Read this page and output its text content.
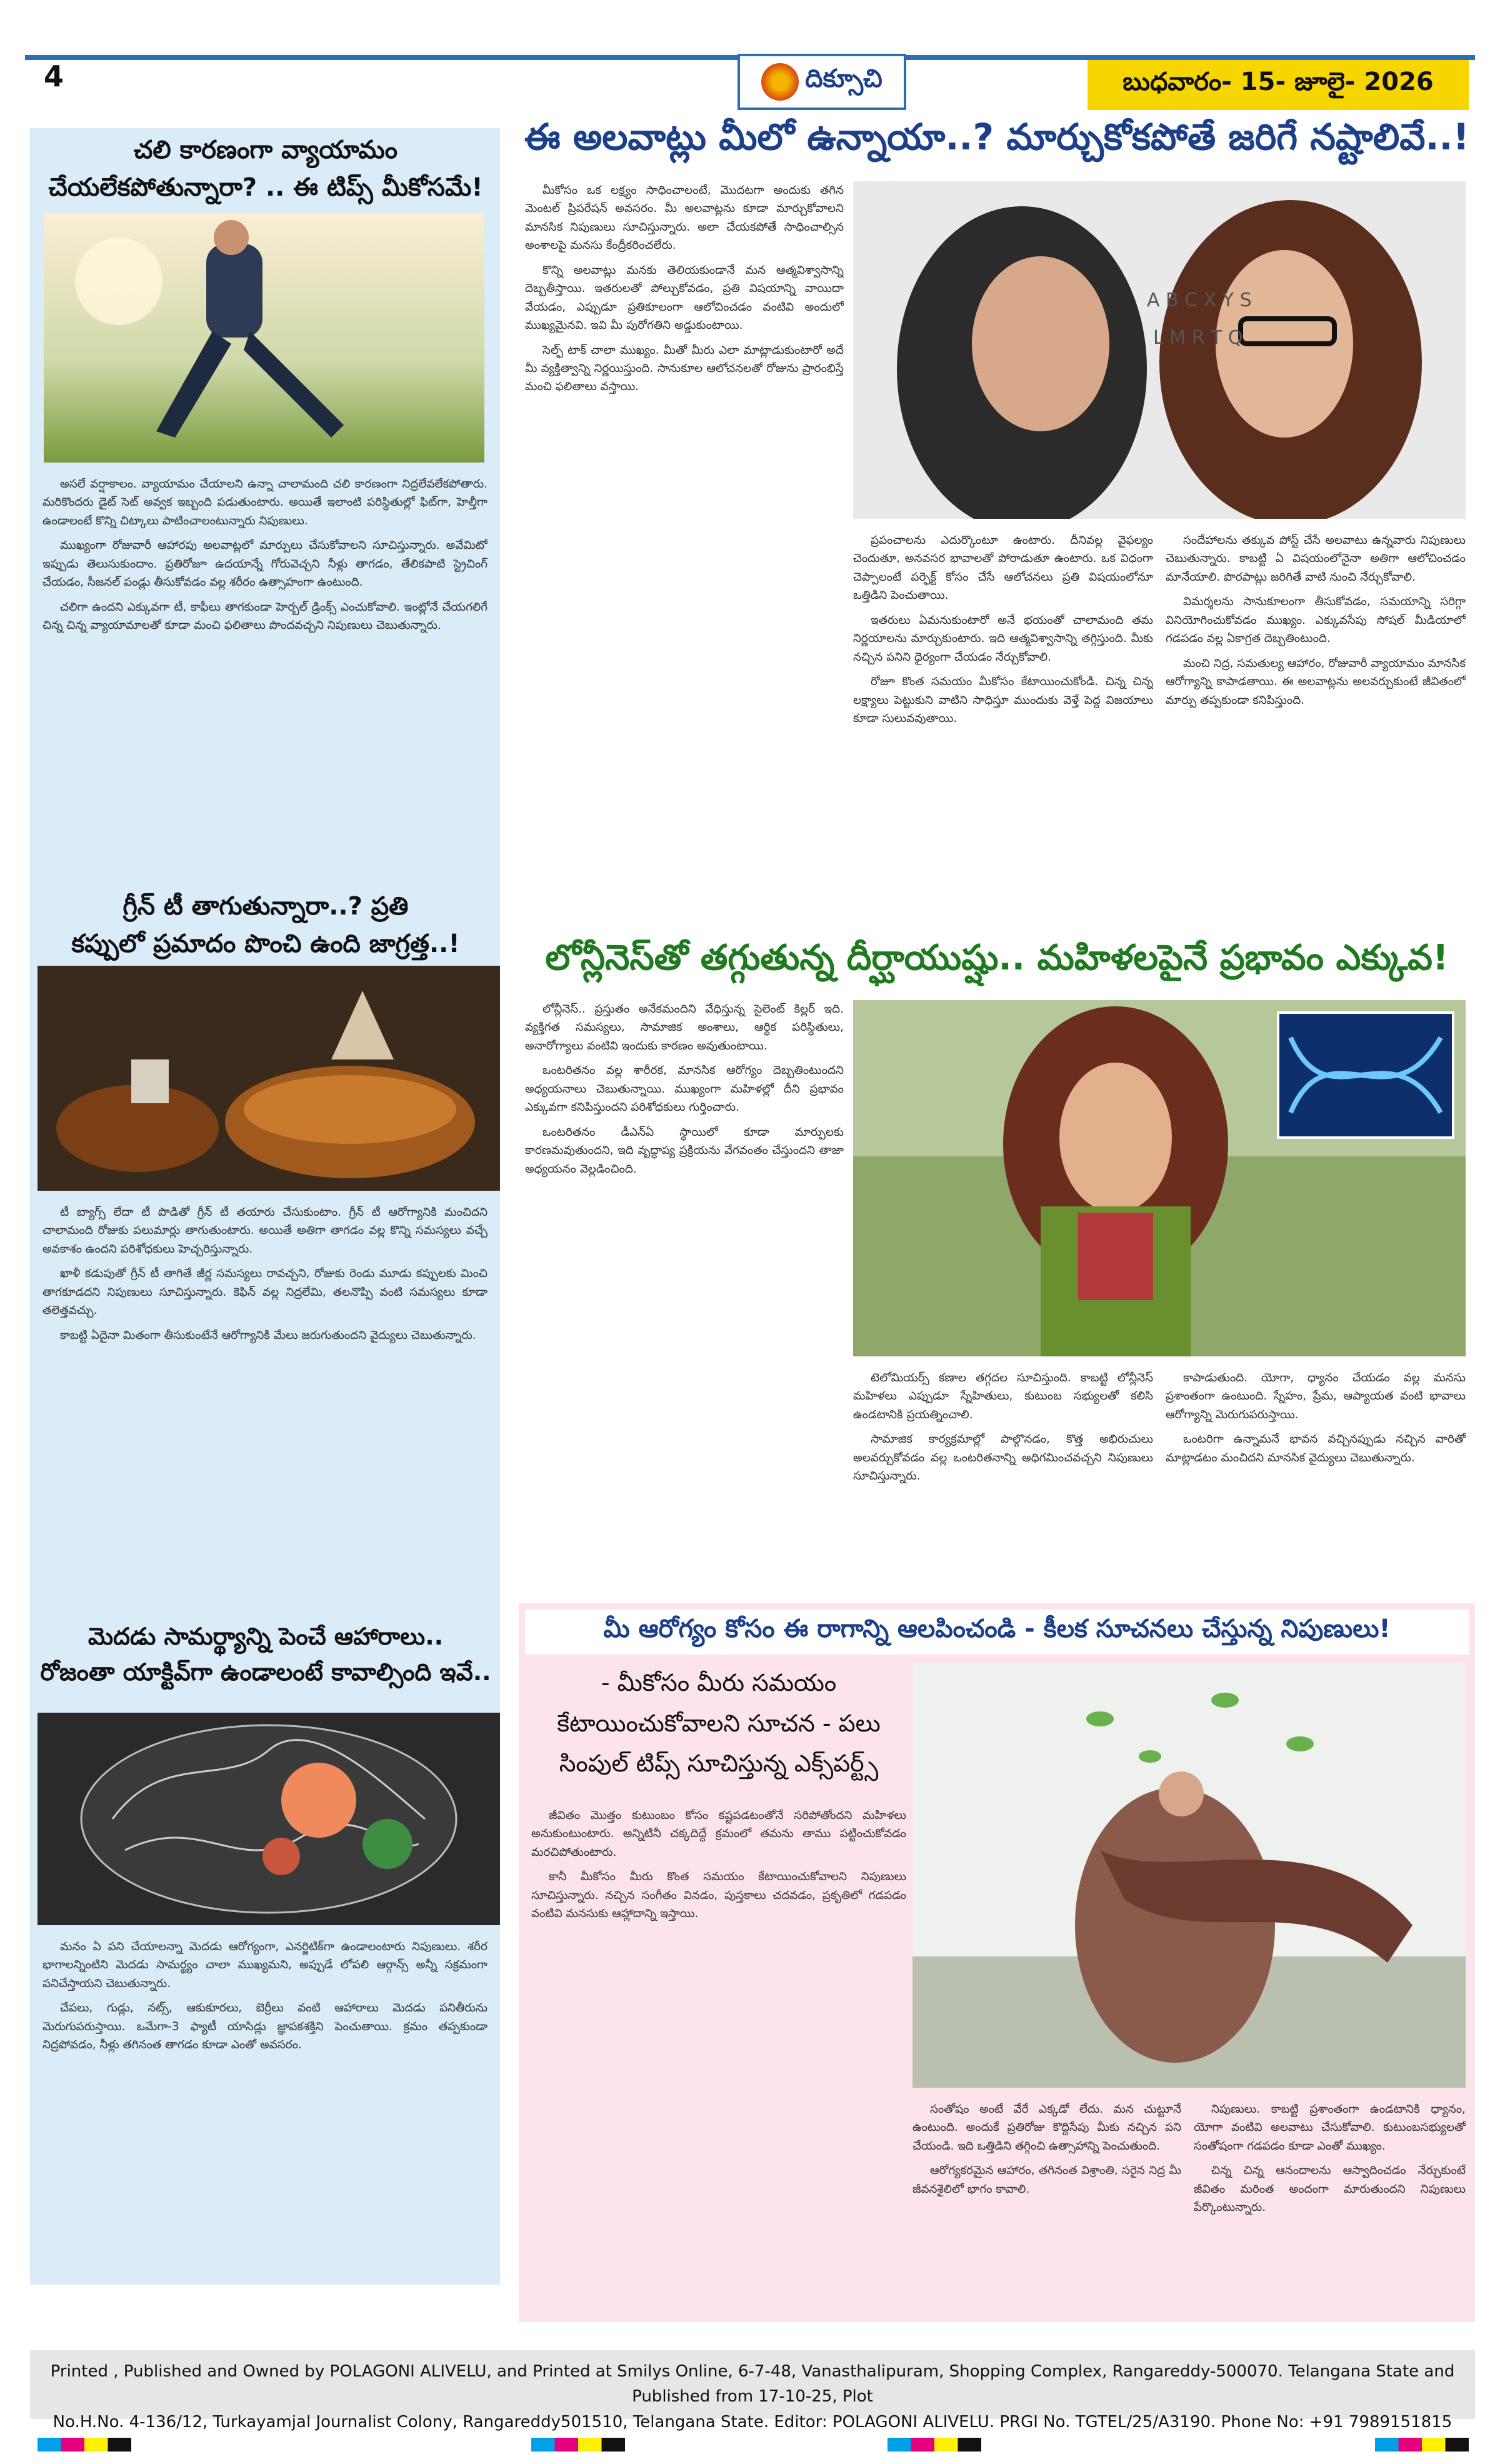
4	దిక్సూచి	బుధవారం- 15- జూలై- 2026
చలి కారణంగా వ్యాయామం
చేయలేకపోతున్నారా? .. ఈ టిప్స్ మీకోసమే!

అసలే వర్షాకాలం. వ్యాయామం చేయాలని ఉన్నా చాలామంది చలి కారణంగా నిద్రలేవలేకపోతారు. మరికొందరు డైట్ సెట్ అవ్వక ఇబ్బంది పడుతుంటారు. అయితే ఇలాంటి పరిస్థితుల్లో ఫిట్‌గా, హెల్తీగా ఉండాలంటే కొన్ని చిట్కాలు పాటించాలంటున్నారు నిపుణులు.

ముఖ్యంగా రోజువారీ ఆహారపు అలవాట్లలో మార్పులు చేసుకోవాలని సూచిస్తున్నారు. అవేమిటో ఇప్పుడు తెలుసుకుందాం. ప్రతిరోజూ ఉదయాన్నే గోరువెచ్చని నీళ్లు తాగడం, తేలికపాటి స్ట్రెచింగ్ చేయడం, సీజనల్ పండ్లు తీసుకోవడం వల్ల శరీరం ఉత్సాహంగా ఉంటుంది.

చలిగా ఉందని ఎక్కువగా టీ, కాఫీలు తాగకుండా హెర్బల్ డ్రింక్స్ ఎంచుకోవాలి. ఇంట్లోనే చేయగలిగే చిన్న చిన్న వ్యాయామాలతో కూడా మంచి ఫలితాలు పొందవచ్చని నిపుణులు చెబుతున్నారు.

గ్రీన్ టీ తాగుతున్నారా..? ప్రతి
కప్పులో ప్రమాదం పొంచి ఉంది జాగ్రత్త..!

టీ బ్యాగ్స్ లేదా టీ పొడితో గ్రీన్ టీ తయారు చేసుకుంటాం. గ్రీన్ టీ ఆరోగ్యానికి మంచిదని చాలామంది రోజుకు పలుమార్లు తాగుతుంటారు. అయితే అతిగా తాగడం వల్ల కొన్ని సమస్యలు వచ్చే అవకాశం ఉందని పరిశోధకులు హెచ్చరిస్తున్నారు.

ఖాళీ కడుపుతో గ్రీన్ టీ తాగితే జీర్ణ సమస్యలు రావచ్చని, రోజుకు రెండు మూడు కప్పులకు మించి తాగకూడదని నిపుణులు సూచిస్తున్నారు. కెఫిన్ వల్ల నిద్రలేమి, తలనొప్పి వంటి సమస్యలు కూడా తలెత్తవచ్చు.

కాబట్టి ఏదైనా మితంగా తీసుకుంటేనే ఆరోగ్యానికి మేలు జరుగుతుందని వైద్యులు చెబుతున్నారు.

మెదడు సామర్థ్యాన్ని పెంచే ఆహారాలు..
రోజంతా యాక్టివ్‌గా ఉండాలంటే కావాల్సింది ఇవే..

మనం ఏ పని చేయాలన్నా మెదడు ఆరోగ్యంగా, ఎనర్జిటిక్‌గా ఉండాలంటారు నిపుణులు. శరీర భాగాలన్నింటిని మెదడు సామర్థ్యం చాలా ముఖ్యమని, అప్పుడే లోపలి ఆర్గాన్స్ అన్నీ సక్రమంగా పనిచేస్తాయని చెబుతున్నారు.

చేపలు, గుడ్లు, నట్స్, ఆకుకూరలు, బెర్రీలు వంటి ఆహారాలు మెదడు పనితీరును మెరుగుపరుస్తాయి. ఒమేగా-3 ఫ్యాటీ యాసిడ్లు జ్ఞాపకశక్తిని పెంచుతాయి. క్రమం తప్పకుండా నిద్రపోవడం, నీళ్లు తగినంత తాగడం కూడా ఎంతో అవసరం.

ఈ అలవాట్లు మీలో ఉన్నాయా..? మార్చుకోకపోతే జరిగే నష్టాలివే..!

మీకోసం ఒక లక్ష్యం సాధించాలంటే, మొదటగా అందుకు తగిన మెంటల్ ప్రిపరేషన్ అవసరం. మీ అలవాట్లను కూడా మార్చుకోవాలని మానసిక నిపుణులు సూచిస్తున్నారు. అలా చేయకపోతే సాధించాల్సిన అంశాలపై మనసు కేంద్రీకరించలేరు.

కొన్ని అలవాట్లు మనకు తెలియకుండానే మన ఆత్మవిశ్వాసాన్ని దెబ్బతీస్తాయి. ఇతరులతో పోల్చుకోవడం, ప్రతి విషయాన్ని వాయిదా వేయడం, ఎప్పుడూ ప్రతికూలంగా ఆలోచించడం వంటివి అందులో ముఖ్యమైనవి. ఇవి మీ పురోగతిని అడ్డుకుంటాయి.

సెల్ఫ్ టాక్ చాలా ముఖ్యం. మీతో మీరు ఎలా మాట్లాడుకుంటారో అదే మీ వ్యక్తిత్వాన్ని నిర్ణయిస్తుంది. సానుకూల ఆలోచనలతో రోజును ప్రారంభిస్తే మంచి ఫలితాలు వస్తాయి.

A B C X Y S
L M R T Q

ప్రపంచాలను ఎదుర్కొంటూ ఉంటారు. దీనివల్ల వైఫల్యం చెందుతూ, అనవసర భావాలతో పోరాడుతూ ఉంటారు. ఒక విధంగా చెప్పాలంటే పర్ఫెక్ట్ కోసం చేసే ఆలోచనలు ప్రతి విషయంలోనూ ఒత్తిడిని పెంచుతాయి.

ఇతరులు ఏమనుకుంటారో అనే భయంతో చాలామంది తమ నిర్ణయాలను మార్చుకుంటారు. ఇది ఆత్మవిశ్వాసాన్ని తగ్గిస్తుంది. మీకు నచ్చిన పనిని ధైర్యంగా చేయడం నేర్చుకోవాలి.

రోజూ కొంత సమయం మీకోసం కేటాయించుకోండి. చిన్న చిన్న లక్ష్యాలు పెట్టుకుని వాటిని సాధిస్తూ ముందుకు వెళ్తే పెద్ద విజయాలు కూడా సులువవుతాయి.

సందేహాలను తక్కువ పోస్ట్ చేసే అలవాటు ఉన్నవారు నిపుణులు చెబుతున్నారు. కాబట్టి ఏ విషయంలోనైనా అతిగా ఆలోచించడం మానేయాలి. పొరపాట్లు జరిగితే వాటి నుంచి నేర్చుకోవాలి.

విమర్శలను సానుకూలంగా తీసుకోవడం, సమయాన్ని సరిగ్గా వినియోగించుకోవడం ముఖ్యం. ఎక్కువసేపు సోషల్ మీడియాలో గడపడం వల్ల ఏకాగ్రత దెబ్బతింటుంది.

మంచి నిద్ర, సమతుల్య ఆహారం, రోజువారీ వ్యాయామం మానసిక ఆరోగ్యాన్ని కాపాడతాయి. ఈ అలవాట్లను అలవర్చుకుంటే జీవితంలో మార్పు తప్పకుండా కనిపిస్తుంది.

లోన్లీనెస్‌తో తగ్గుతున్న దీర్ఘాయుష్షు.. మహిళలపైనే ప్రభావం ఎక్కువ!

లోన్లీనెస్.. ప్రస్తుతం అనేకమందిని వేధిస్తున్న సైలెంట్ కిల్లర్ ఇది. వ్యక్తిగత సమస్యలు, సామాజిక అంశాలు, ఆర్థిక పరిస్థితులు, అనారోగ్యాలు వంటివి ఇందుకు కారణం అవుతుంటాయి.

ఒంటరితనం వల్ల శారీరక, మానసిక ఆరోగ్యం దెబ్బతింటుందని అధ్యయనాలు చెబుతున్నాయి. ముఖ్యంగా మహిళల్లో దీని ప్రభావం ఎక్కువగా కనిపిస్తుందని పరిశోధకులు గుర్తించారు.

ఒంటరితనం డీఎన్ఏ స్థాయిలో కూడా మార్పులకు కారణమవుతుందని, ఇది వృద్ధాప్య ప్రక్రియను వేగవంతం చేస్తుందని తాజా అధ్యయనం వెల్లడించింది.

టెలోమియర్స్ కణాల తగ్గదల సూచిస్తుంది. కాబట్టి లోన్లీనెస్ మహిళలు ఎప్పుడూ స్నేహితులు, కుటుంబ సభ్యులతో కలిసి ఉండటానికి ప్రయత్నించాలి.

సామాజిక కార్యక్రమాల్లో పాల్గొనడం, కొత్త అభిరుచులు అలవర్చుకోవడం వల్ల ఒంటరితనాన్ని అధిగమించవచ్చని నిపుణులు సూచిస్తున్నారు.

కాపాడుతుంది. యోగా, ధ్యానం చేయడం వల్ల మనసు ప్రశాంతంగా ఉంటుంది. స్నేహం, ప్రేమ, ఆప్యాయత వంటి భావాలు ఆరోగ్యాన్ని మెరుగుపరుస్తాయి.

ఒంటరిగా ఉన్నామనే భావన వచ్చినప్పుడు నచ్చిన వారితో మాట్లాడటం మంచిదని మానసిక వైద్యులు చెబుతున్నారు.

మీ ఆరోగ్యం కోసం ఈ రాగాన్ని ఆలపించండి - కీలక సూచనలు చేస్తున్న నిపుణులు!
- మీకోసం మీరు సమయం
కేటాయించుకోవాలని సూచన - పలు
సింపుల్ టిప్స్ సూచిస్తున్న ఎక్స్‌పర్ట్స్

జీవితం మొత్తం కుటుంబం కోసం కష్టపడటంతోనే సరిపోతోందని మహిళలు అనుకుంటుంటారు. అన్నిటినీ చక్కదిద్దే క్రమంలో తమను తాము పట్టించుకోవడం మరచిపోతుంటారు.

కానీ మీకోసం మీరు కొంత సమయం కేటాయించుకోవాలని నిపుణులు సూచిస్తున్నారు. నచ్చిన సంగీతం వినడం, పుస్తకాలు చదవడం, ప్రకృతిలో గడపడం వంటివి మనసుకు ఆహ్లాదాన్ని ఇస్తాయి.

సంతోషం అంటే వేరే ఎక్కడో లేదు. మన చుట్టూనే ఉంటుంది. అందుకే ప్రతిరోజు కొద్దిసేపు మీకు నచ్చిన పని చేయండి. ఇది ఒత్తిడిని తగ్గించి ఉత్సాహాన్ని పెంచుతుంది.

ఆరోగ్యకరమైన ఆహారం, తగినంత విశ్రాంతి, సరైన నిద్ర మీ జీవనశైలిలో భాగం కావాలి.

నిపుణులు. కాబట్టి ప్రశాంతంగా ఉండటానికి ధ్యానం, యోగా వంటివి అలవాటు చేసుకోవాలి. కుటుంబసభ్యులతో సంతోషంగా గడపడం కూడా ఎంతో ముఖ్యం.

చిన్న చిన్న ఆనందాలను ఆస్వాదించడం నేర్చుకుంటే జీవితం మరింత అందంగా మారుతుందని నిపుణులు పేర్కొంటున్నారు.

Printed , Published and Owned by POLAGONI ALIVELU, and Printed at Smilys Online, 6-7-48, Vanasthalipuram, Shopping Complex, Rangareddy-500070. Telangana State and Published from 17-10-25, Plot
No.H.No. 4-136/12, Turkayamjal Journalist Colony, Rangareddy501510, Telangana State. Editor: POLAGONI ALIVELU. PRGI No. TGTEL/25/A3190. Phone No: +91 7989151815
